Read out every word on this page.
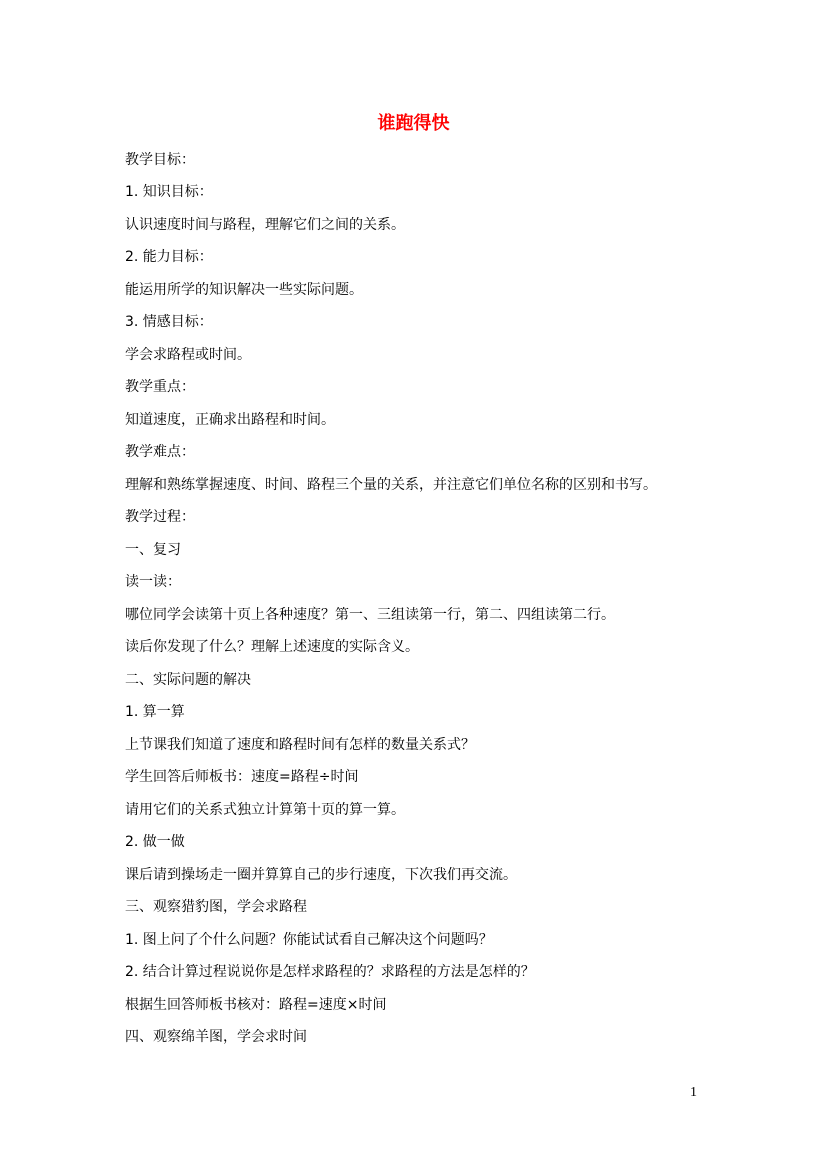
谁跑得快
教学目标：
1. 知识目标：
认识速度时间与路程，理解它们之间的关系。
2. 能力目标：
能运用所学的知识解决一些实际问题。
3. 情感目标：
学会求路程或时间。
教学重点：
知道速度，正确求出路程和时间。
教学难点：
理解和熟练掌握速度、时间、路程三个量的关系，并注意它们单位名称的区别和书写。
教学过程：
一、复习
读一读：
哪位同学会读第十页上各种速度？第一、三组读第一行，第二、四组读第二行。
读后你发现了什么？理解上述速度的实际含义。
二、实际问题的解决
1. 算一算
上节课我们知道了速度和路程时间有怎样的数量关系式？
学生回答后师板书：速度=路程÷时间
请用它们的关系式独立计算第十页的算一算。
2. 做一做
课后请到操场走一圈并算算自己的步行速度，下次我们再交流。
三、观察猎豹图，学会求路程
1. 图上问了个什么问题？你能试试看自己解决这个问题吗？
2. 结合计算过程说说你是怎样求路程的？求路程的方法是怎样的？
根据生回答师板书核对：路程=速度×时间
四、观察绵羊图，学会求时间
1
